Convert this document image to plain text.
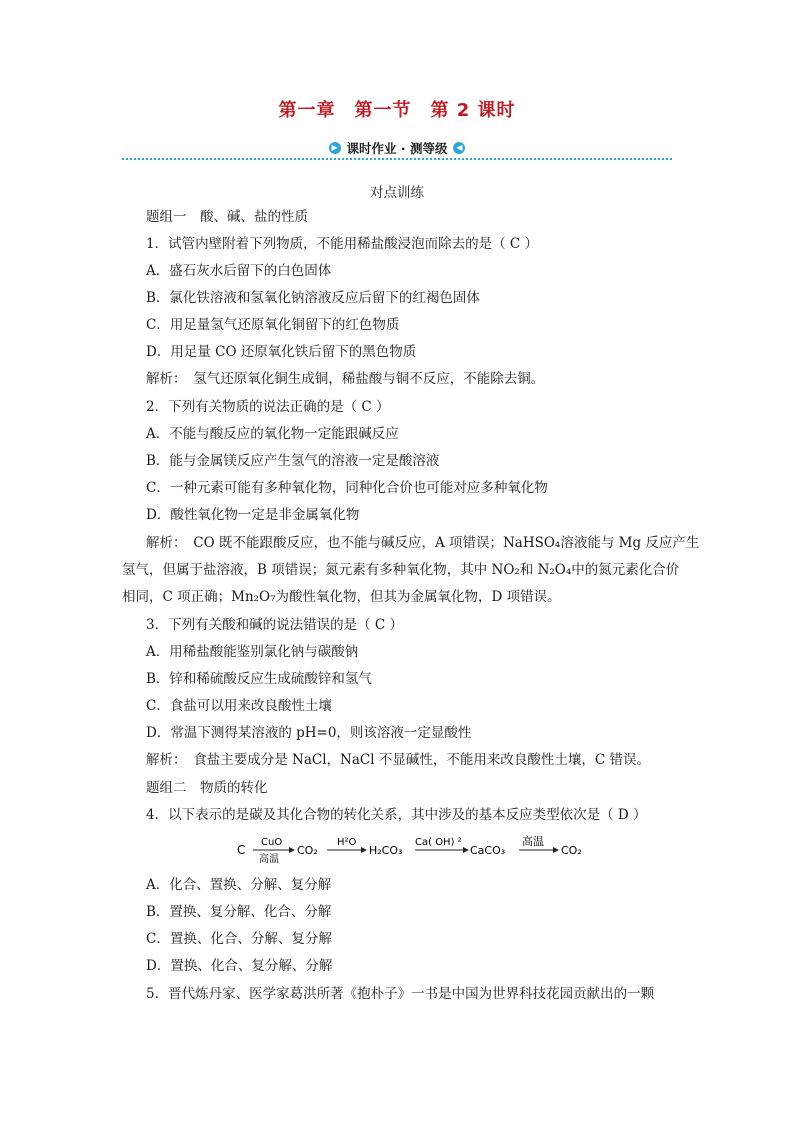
第一章　第一节　第 2 课时
▶ 课时作业 · 测等级	◀
对点训练
题组一　酸、碱、盐的性质
1．试管内壁附着下列物质，不能用稀盐酸浸泡而除去的是（ C ）
A．盛石灰水后留下的白色固体
B．氯化铁溶液和氢氧化钠溶液反应后留下的红褐色固体
C．用足量氢气还原氧化铜留下的红色物质
D．用足量 CO 还原氧化铁后留下的黑色物质
解析：　氢气还原氧化铜生成铜，稀盐酸与铜不反应，不能除去铜。
2．下列有关物质的说法正确的是（ C ）
A．不能与酸反应的氧化物一定能跟碱反应
B．能与金属镁反应产生氢气的溶液一定是酸溶液
C．一种元素可能有多种氧化物，同种化合价也可能对应多种氧化物
D．酸性氧化物一定是非金属氧化物
解析：　CO 既不能跟酸反应，也不能与碱反应，A 项错误；NaHSO₄溶液能与 Mg 反应产生
氢气，但属于盐溶液，B 项错误；氮元素有多种氧化物，其中 NO₂和 N₂O₄中的氮元素化合价
相同，C 项正确；Mn₂O₇为酸性氧化物，但其为金属氧化物，D 项错误。
3．下列有关酸和碱的说法错误的是（ C ）
A．用稀盐酸能鉴别氯化钠与碳酸钠
B．锌和稀硫酸反应生成硫酸锌和氢气
C．食盐可以用来改良酸性土壤
D．常温下测得某溶液的 pH=0，则该溶液一定显酸性
解析：　食盐主要成分是 NaCl，NaCl 不显碱性，不能用来改良酸性土壤，C 错误。
题组二　物质的转化
4．以下表示的是碳及其化合物的转化关系，其中涉及的基本反应类型依次是（ D ）
C
CuO
高温
CO₂
H²O
H₂CO₃
Ca( OH) ²
CaCO₃
高温
CO₂
A．化合、置换、分解、复分解
B．置换、复分解、化合、分解
C．置换、化合、分解、复分解
D．置换、化合、复分解、分解
5．晋代炼丹家、医学家葛洪所著《抱朴子》一书是中国为世界科技花园贡献出的一颗
